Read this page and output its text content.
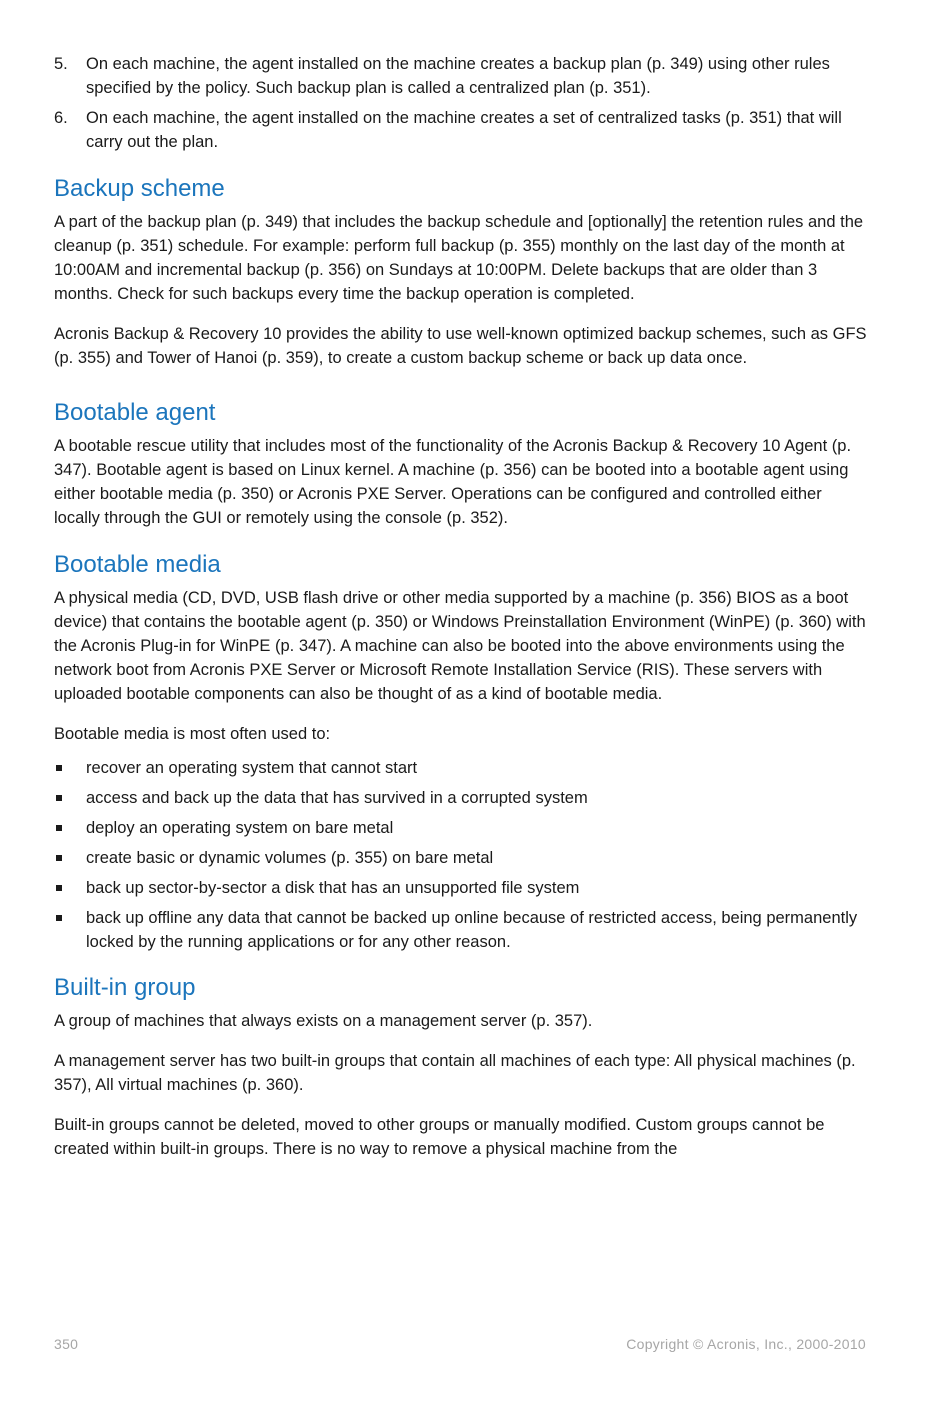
5. On each machine, the agent installed on the machine creates a backup plan (p. 349) using other rules specified by the policy. Such backup plan is called a centralized plan (p. 351).
6. On each machine, the agent installed on the machine creates a set of centralized tasks (p. 351) that will carry out the plan.
Backup scheme

A part of the backup plan (p. 349) that includes the backup schedule and [optionally] the retention rules and the cleanup (p. 351) schedule. For example: perform full backup (p. 355) monthly on the last day of the month at 10:00AM and incremental backup (p. 356) on Sundays at 10:00PM. Delete backups that are older than 3 months. Check for such backups every time the backup operation is completed.

Acronis Backup & Recovery 10 provides the ability to use well-known optimized backup schemes, such as GFS (p. 355) and Tower of Hanoi (p. 359), to create a custom backup scheme or back up data once.

Bootable agent

A bootable rescue utility that includes most of the functionality of the Acronis Backup & Recovery 10 Agent (p. 347). Bootable agent is based on Linux kernel. A machine (p. 356) can be booted into a bootable agent using either bootable media (p. 350) or Acronis PXE Server. Operations can be configured and controlled either locally through the GUI or remotely using the console (p. 352).

Bootable media

A physical media (CD, DVD, USB flash drive or other media supported by a machine (p. 356) BIOS as a boot device) that contains the bootable agent (p. 350) or Windows Preinstallation Environment (WinPE) (p. 360) with the Acronis Plug-in for WinPE (p. 347). A machine can also be booted into the above environments using the network boot from Acronis PXE Server or Microsoft Remote Installation Service (RIS). These servers with uploaded bootable components can also be thought of as a kind of bootable media.

Bootable media is most often used to:

recover an operating system that cannot start
access and back up the data that has survived in a corrupted system
deploy an operating system on bare metal
create basic or dynamic volumes (p. 355) on bare metal
back up sector-by-sector a disk that has an unsupported file system
back up offline any data that cannot be backed up online because of restricted access, being permanently locked by the running applications or for any other reason.
Built-in group

A group of machines that always exists on a management server (p. 357).

A management server has two built-in groups that contain all machines of each type: All physical machines (p. 357), All virtual machines (p. 360).

Built-in groups cannot be deleted, moved to other groups or manually modified. Custom groups cannot be created within built-in groups. There is no way to remove a physical machine from the

350	Copyright © Acronis, Inc., 2000-2010
